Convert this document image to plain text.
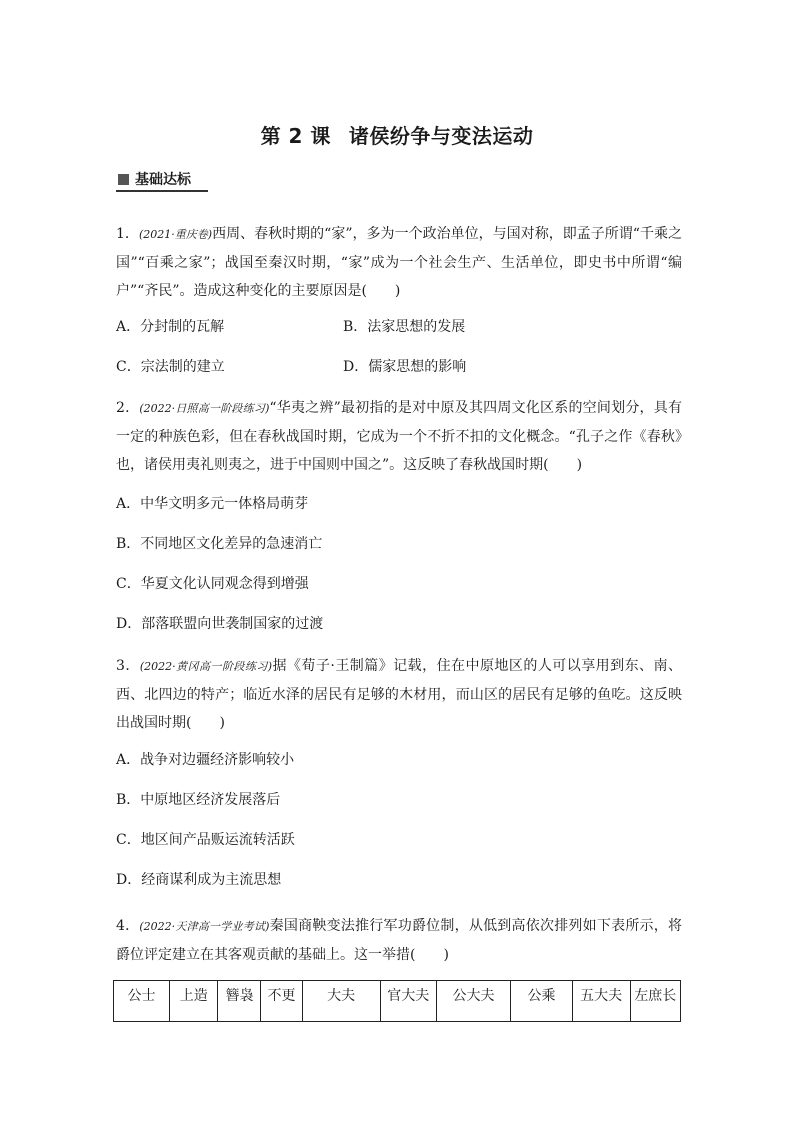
第 2 课 诸侯纷争与变法运动
基础达标
1．(2021·重庆卷)西周、春秋时期的“家”，多为一个政治单位，与国对称，即孟子所谓“千乘之国”“百乘之家”；战国至秦汉时期，“家”成为一个社会生产、生活单位，即史书中所谓“编户”“齐民”。造成这种变化的主要原因是(　　)
A．分封制的瓦解	B．法家思想的发展
C．宗法制的建立	D．儒家思想的影响
2．(2022·日照高一阶段练习)“华夷之辨”最初指的是对中原及其四周文化区系的空间划分，具有一定的种族色彩，但在春秋战国时期，它成为一个不折不扣的文化概念。“孔子之作《春秋》也，诸侯用夷礼则夷之，进于中国则中国之”。这反映了春秋战国时期(　　)
A．中华文明多元一体格局萌芽
B．不同地区文化差异的急速消亡
C．华夏文化认同观念得到增强
D．部落联盟向世袭制国家的过渡
3．(2022·黄冈高一阶段练习)据《荀子·王制篇》记载，住在中原地区的人可以享用到东、南、西、北四边的特产；临近水泽的居民有足够的木材用，而山区的居民有足够的鱼吃。这反映出战国时期(　　)
A．战争对边疆经济影响较小
B．中原地区经济发展落后
C．地区间产品贩运流转活跃
D．经商谋利成为主流思想
4．(2022·天津高一学业考试)秦国商鞅变法推行军功爵位制，从低到高依次排列如下表所示，将爵位评定建立在其客观贡献的基础上。这一举措(　　)
公士	上造	簪袅	不更	大夫	官大夫	公大夫	公乘	五大夫	左庶长
